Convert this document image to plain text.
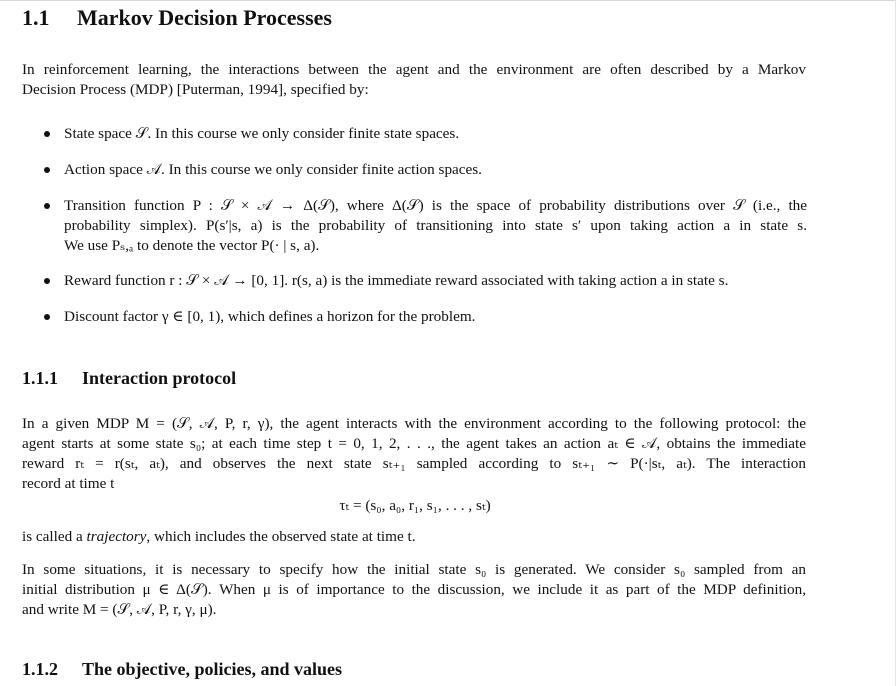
1.1 Markov Decision Processes
In reinforcement learning, the interactions between the agent and the environment are often described by a Markov
Decision Process (MDP) [Puterman, 1994], specified by:
State space 𝒮. In this course we only consider finite state spaces.
Action space 𝒜. In this course we only consider finite action spaces.
Transition function P : 𝒮 × 𝒜 → Δ(𝒮), where Δ(𝒮) is the space of probability distributions over 𝒮 (i.e., the
probability simplex). P(s′|s, a) is the probability of transitioning into state s′ upon taking action a in state s.
We use Pₛ,ₐ to denote the vector P(· | s, a).
Reward function r : 𝒮 × 𝒜 → [0, 1]. r(s, a) is the immediate reward associated with taking action a in state s.
Discount factor γ ∈ [0, 1), which defines a horizon for the problem.
1.1.1 Interaction protocol
In a given MDP M = (𝒮, 𝒜, P, r, γ), the agent interacts with the environment according to the following protocol: the
agent starts at some state s₀; at each time step t = 0, 1, 2, . . ., the agent takes an action aₜ ∈ 𝒜, obtains the immediate
reward rₜ = r(sₜ, aₜ), and observes the next state sₜ₊₁ sampled according to sₜ₊₁ ∼ P(·|sₜ, aₜ). The interaction
record at time t
τₜ = (s₀, a₀, r₁, s₁, . . . , sₜ)
is called a trajectory, which includes the observed state at time t.
In some situations, it is necessary to specify how the initial state s₀ is generated. We consider s₀ sampled from an
initial distribution μ ∈ Δ(𝒮). When μ is of importance to the discussion, we include it as part of the MDP definition,
and write M = (𝒮, 𝒜, P, r, γ, μ).
1.1.2 The objective, policies, and values
